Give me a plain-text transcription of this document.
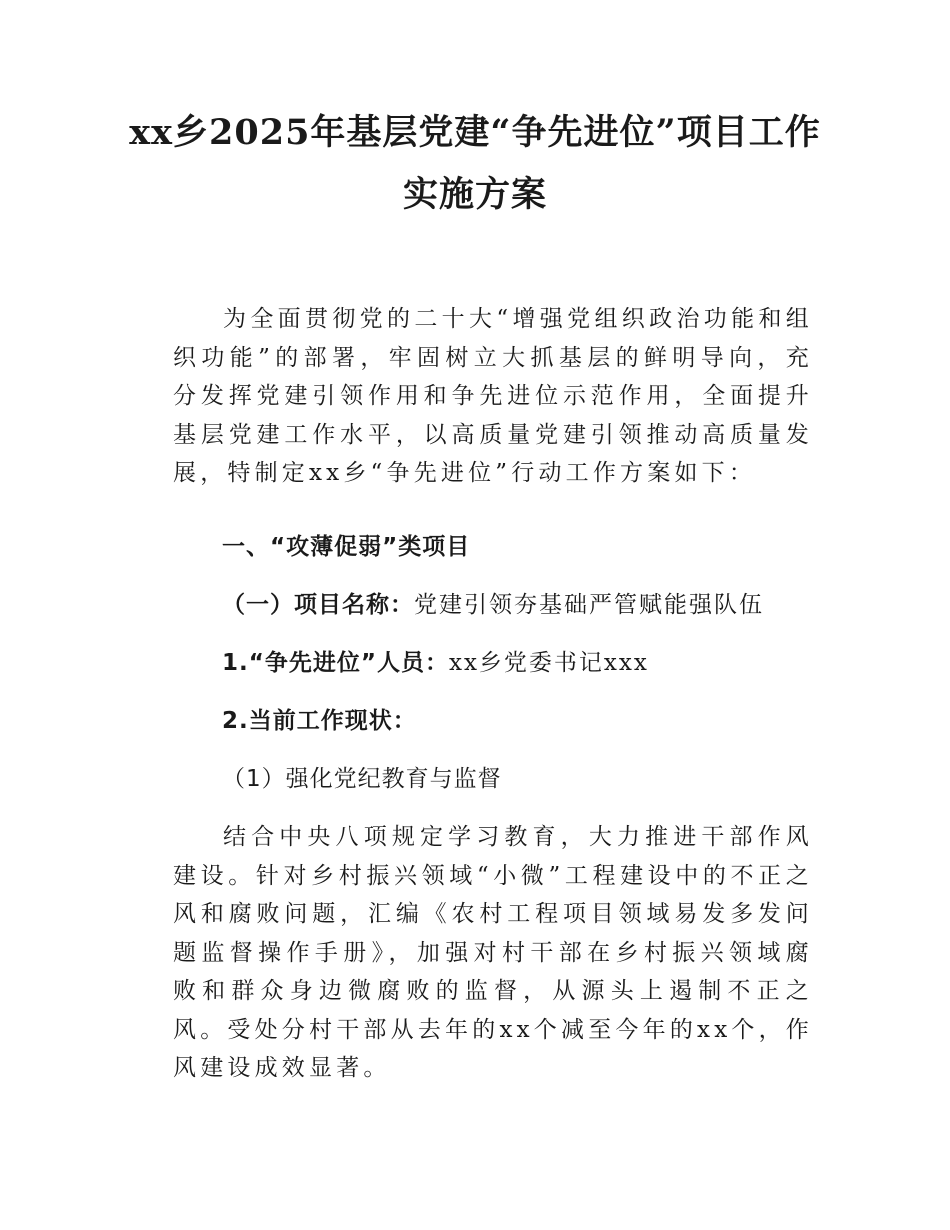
xx乡2025年基层党建“争先进位”项目工作
实施方案

为全面贯彻党的二十大“增强党组织政治功能和组织功能”的部署，牢固树立大抓基层的鲜明导向，充分发挥党建引领作用和争先进位示范作用，全面提升基层党建工作水平，以高质量党建引领推动高质量发展，特制定xx乡“争先进位”行动工作方案如下：

一、“攻薄促弱”类项目
（一）项目名称：党建引领夯基础严管赋能强队伍
1.“争先进位”人员：xx乡党委书记xxx
2.当前工作现状：
（1）强化党纪教育与监督

结合中央八项规定学习教育，大力推进干部作风建设。针对乡村振兴领域“小微”工程建设中的不正之风和腐败问题，汇编《农村工程项目领域易发多发问题监督操作手册》，加强对村干部在乡村振兴领域腐败和群众身边微腐败的监督，从源头上遏制不正之风。受处分村干部从去年的xx个减至今年的xx个，作风建设成效显著。
